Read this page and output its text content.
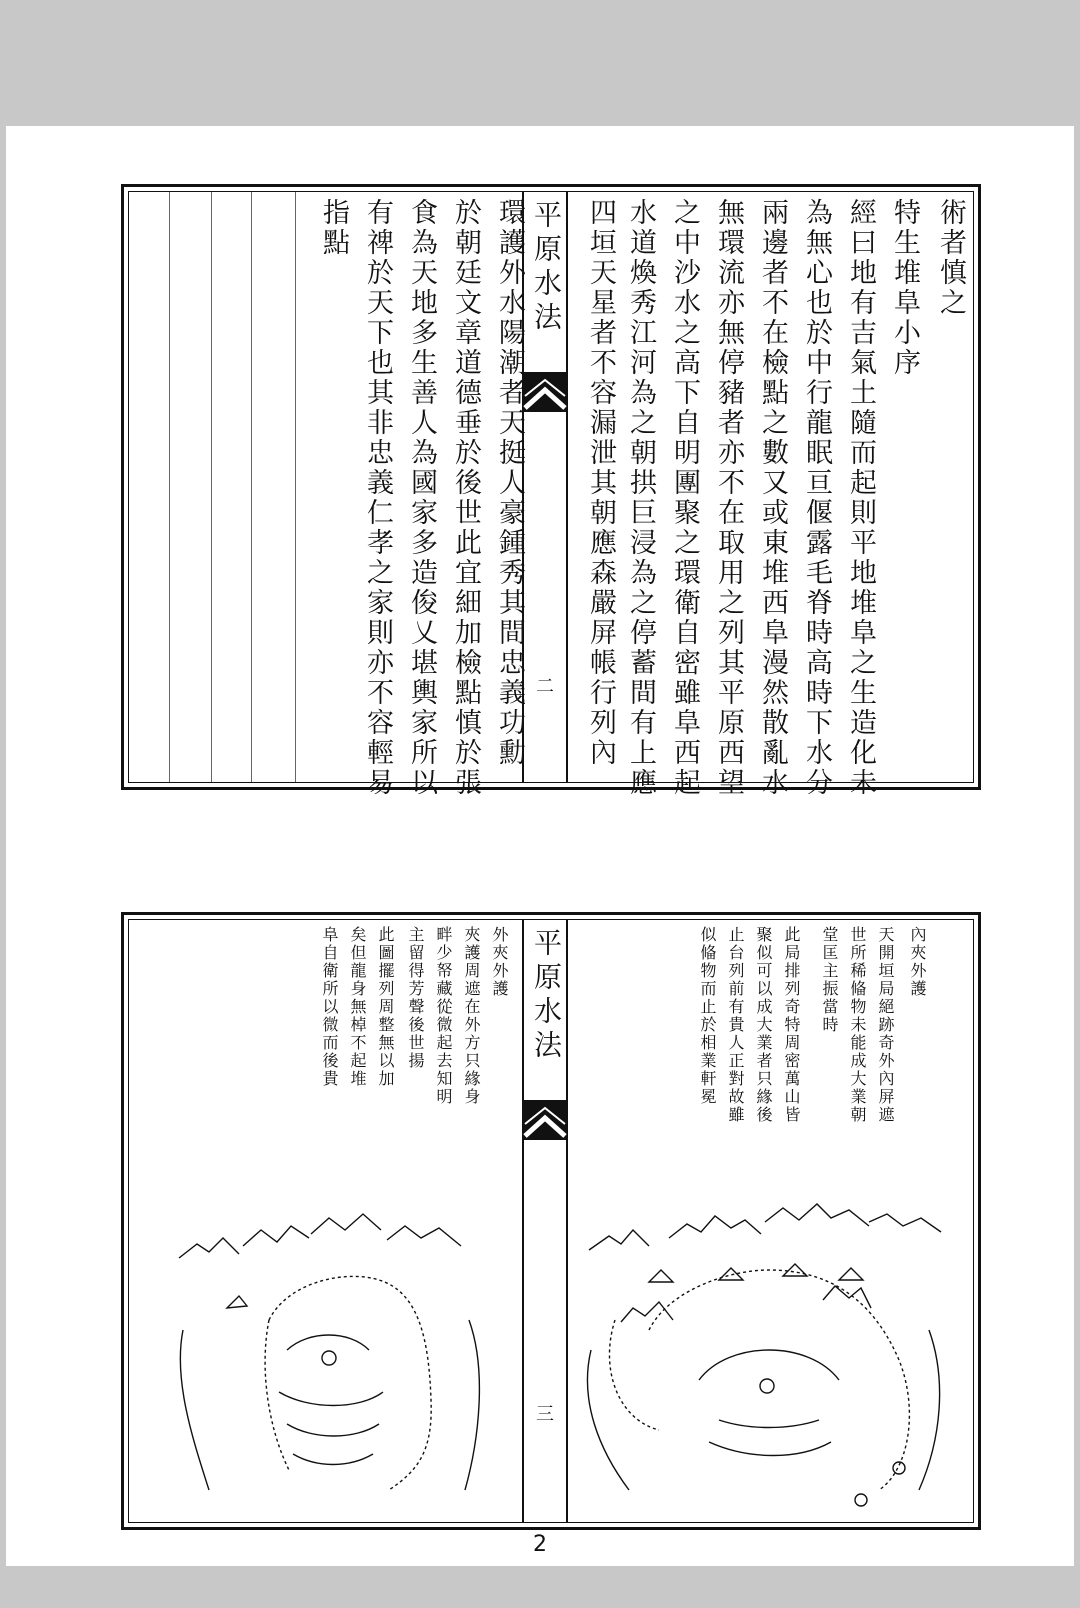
術者慎之
特生堆阜小序
經曰地有吉氣土隨而起則平地堆阜之生造化未
為無心也於中行龍眠亘偃露毛脊時高時下水分
兩邊者不在檢點之數又或東堆西阜漫然散亂水
無環流亦無停豬者亦不在取用之列其平原西望
之中沙水之高下自明團聚之環衛自密雖阜西起
水道煥秀江河為之朝拱巨浸為之停蓄間有上應
四垣天星者不容漏泄其朝應森嚴屏帳行列內
平原水法
二
環護外水陽潮者天挺人豪鍾秀其間忠義功勳
於朝廷文章道德垂於後世此宜細加檢點慎於張
食為天地多生善人為國家多造俊乂堪輿家所以
有禆於天下也其非忠義仁孝之家則亦不容輕易
指點
內夾外護
天開垣局絕跡奇外內屏遮
世所稀偹物未能成大業朝
堂匡主振當時
此局排列奇特周密萬山皆
聚似可以成大業者只緣後
止台列前有貴人正對故雖
似偹物而止於相業軒冕
平原水法
三
外夾外護
夾護周遮在外方只緣身
畔少帑藏從微起去知明
主留得芳聲後世揚
此圖擺列周整無以加
矣但龍身無棹不起堆
阜自衛所以微而後貴
2
